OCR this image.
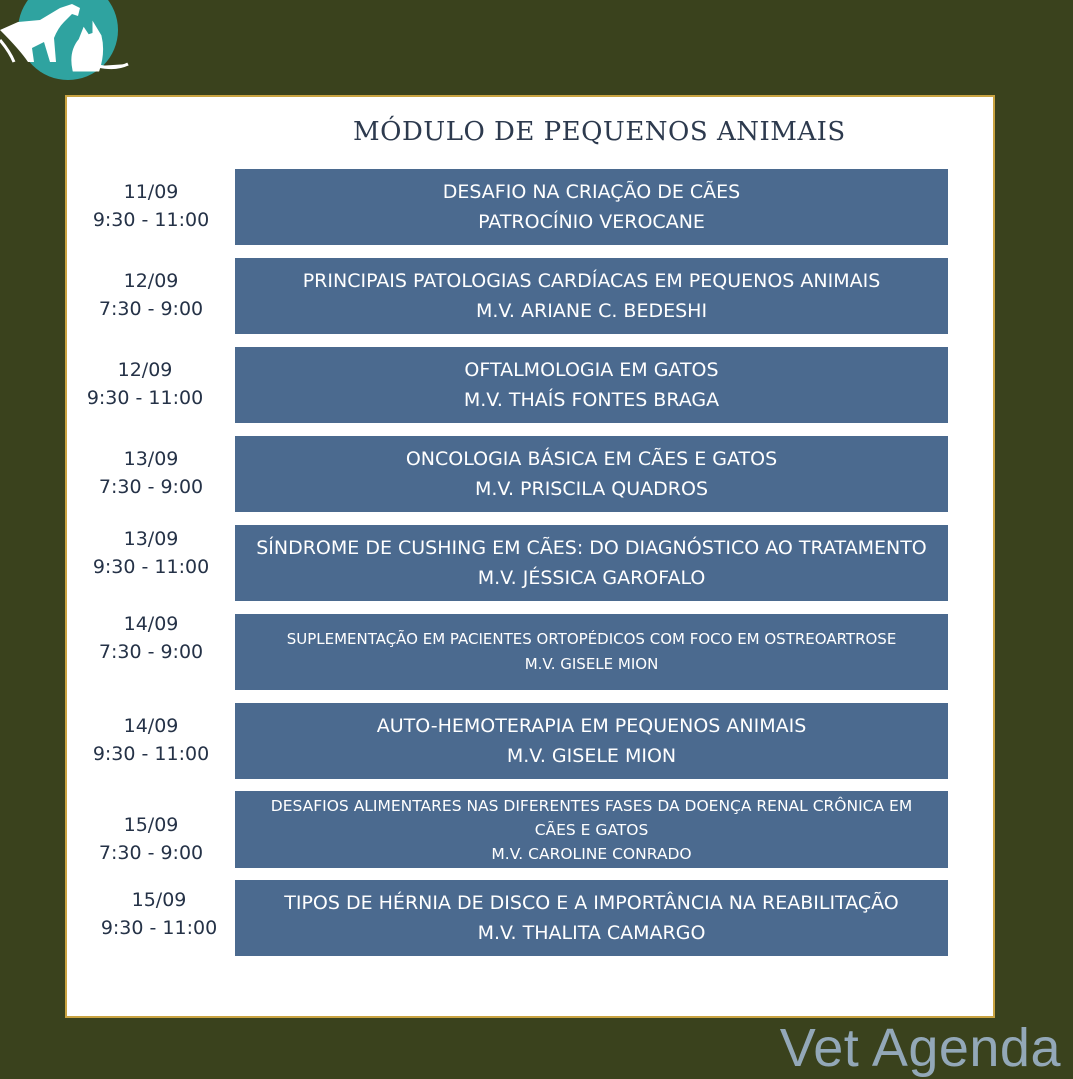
MÓDULO DE PEQUENOS ANIMAIS
11/09
9:30 - 11:00
DESAFIO NA CRIAÇÃO DE CÃES
PATROCÍNIO VEROCANE
12/09
7:30 - 9:00
PRINCIPAIS PATOLOGIAS CARDÍACAS EM PEQUENOS ANIMAIS
M.V. ARIANE C. BEDESHI
12/09
9:30 - 11:00
OFTALMOLOGIA EM GATOS
M.V. THAÍS FONTES BRAGA
13/09
7:30 - 9:00
ONCOLOGIA BÁSICA EM CÃES E GATOS
M.V. PRISCILA QUADROS
13/09
9:30 - 11:00
SÍNDROME DE CUSHING EM CÃES: DO DIAGNÓSTICO AO TRATAMENTO
M.V. JÉSSICA GAROFALO
14/09
7:30 - 9:00
SUPLEMENTAÇÃO EM PACIENTES ORTOPÉDICOS COM FOCO EM OSTREOARTROSE
M.V. GISELE MION
14/09
9:30 - 11:00
AUTO-HEMOTERAPIA EM PEQUENOS ANIMAIS
M.V. GISELE MION
15/09
7:30 - 9:00
DESAFIOS ALIMENTARES NAS DIFERENTES FASES DA DOENÇA RENAL CRÔNICA EM
CÃES E GATOS
M.V. CAROLINE CONRADO
15/09
9:30 - 11:00
TIPOS DE HÉRNIA DE DISCO E A IMPORTÂNCIA NA REABILITAÇÃO
M.V. THALITA CAMARGO
Vet Agenda
